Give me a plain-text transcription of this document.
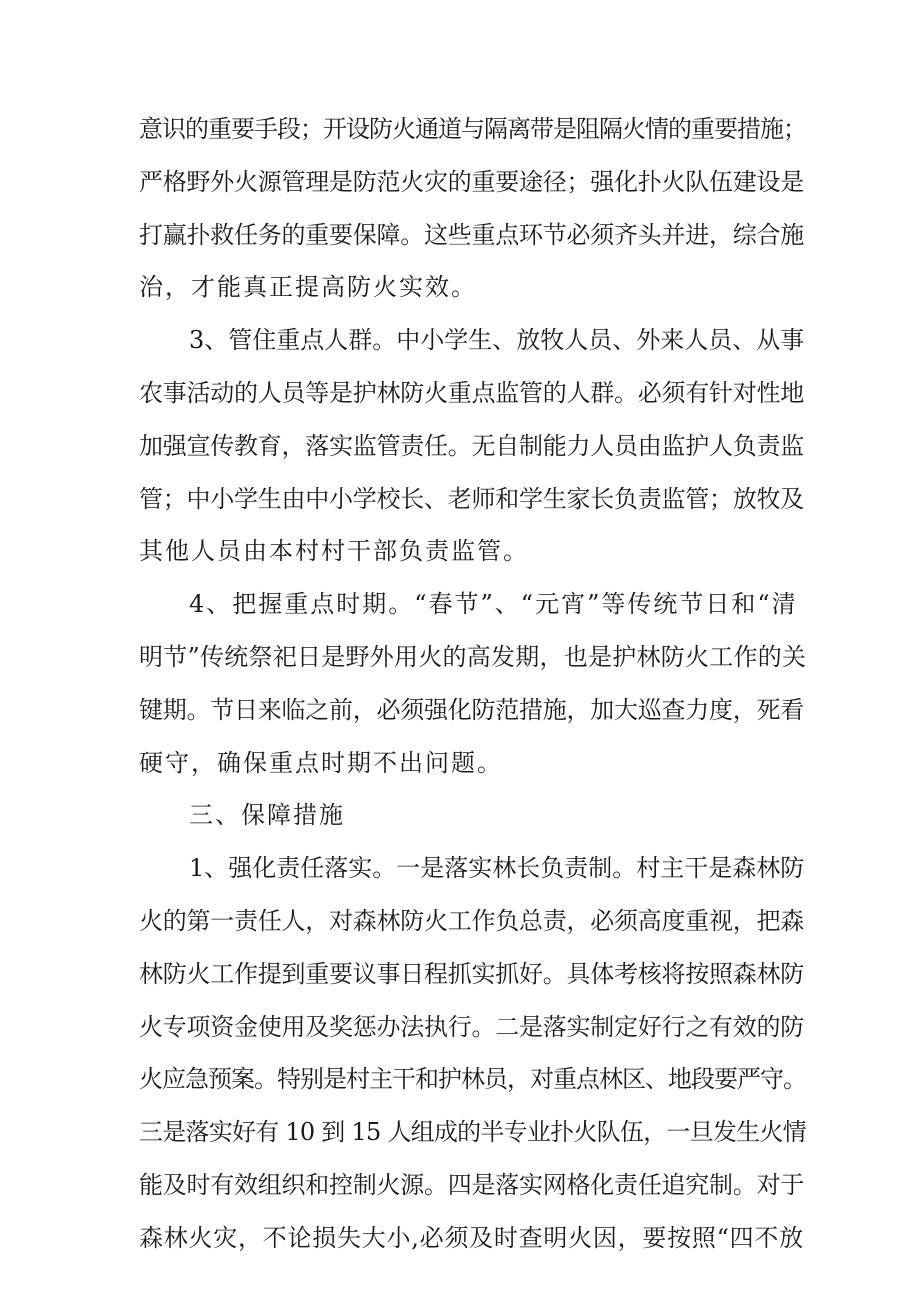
意识的重要手段；开设防火通道与隔离带是阻隔火情的重要措施；
严格野外火源管理是防范火灾的重要途径；强化扑火队伍建设是
打赢扑救任务的重要保障。这些重点环节必须齐头并进，综合施
治，才能真正提高防火实效。
3、管住重点人群。中小学生、放牧人员、外来人员、从事
农事活动的人员等是护林防火重点监管的人群。必须有针对性地
加强宣传教育，落实监管责任。无自制能力人员由监护人负责监
管；中小学生由中小学校长、老师和学生家长负责监管；放牧及
其他人员由本村村干部负责监管。
4、把握重点时期。“春节”、“元宵”等传统节日和“清
明节”传统祭祀日是野外用火的高发期，也是护林防火工作的关
键期。节日来临之前，必须强化防范措施，加大巡查力度，死看
硬守，确保重点时期不出问题。
三、保障措施
1、强化责任落实。一是落实林长负责制。村主干是森林防
火的第一责任人，对森林防火工作负总责，必须高度重视，把森
林防火工作提到重要议事日程抓实抓好。具体考核将按照森林防
火专项资金使用及奖惩办法执行。二是落实制定好行之有效的防
火应急预案。特别是村主干和护林员，对重点林区、地段要严守。
三是落实好有 10 到 15 人组成的半专业扑火队伍，一旦发生火情
能及时有效组织和控制火源。四是落实网格化责任追究制。对于
森林火灾，不论损失大小,必须及时查明火因，要按照“四不放
